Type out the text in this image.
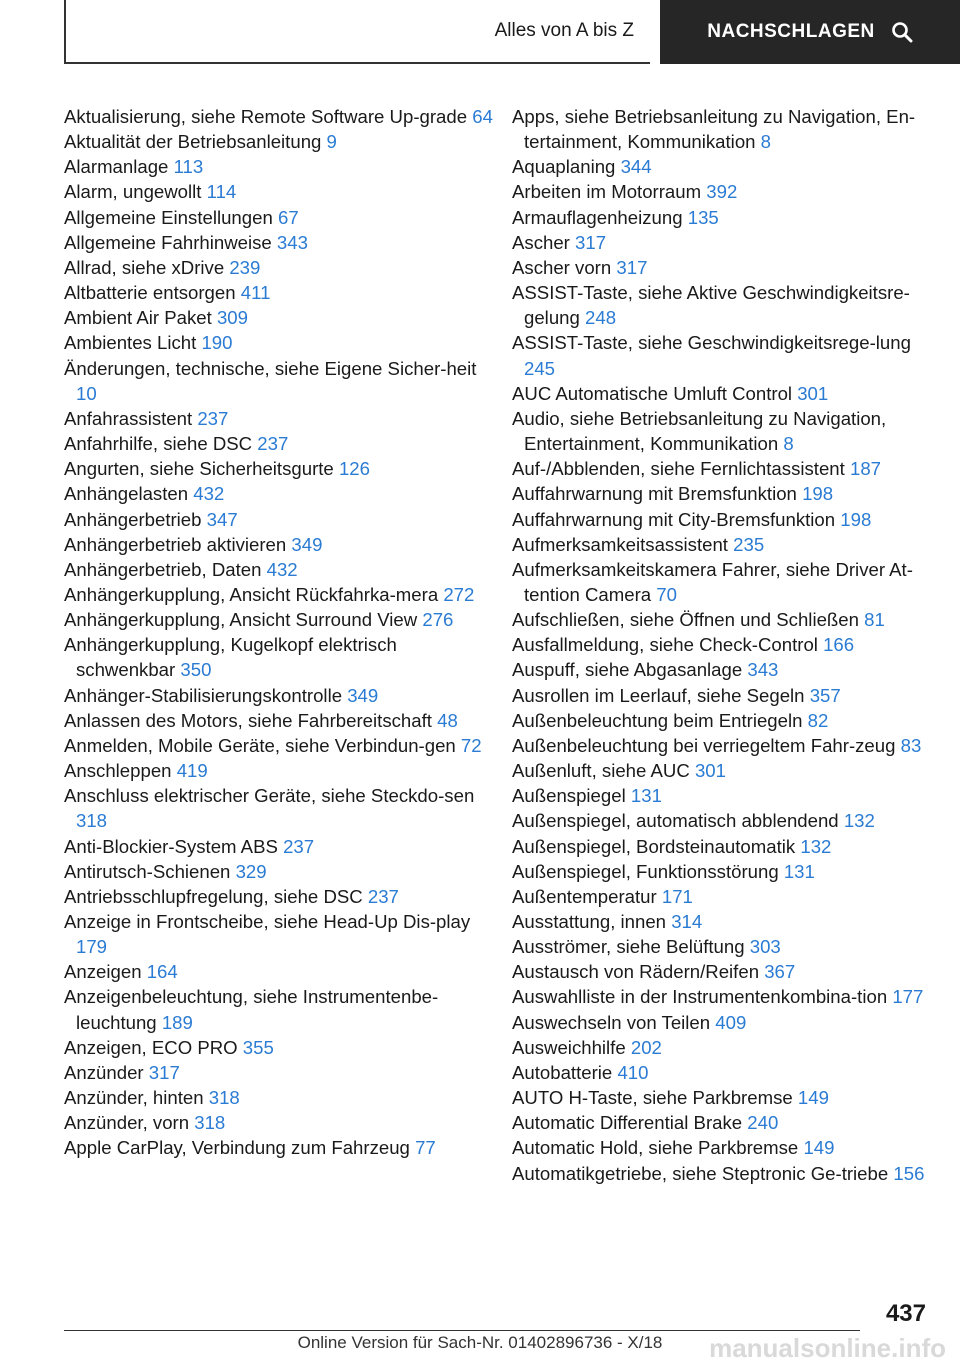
Alles von A bis Z	NACHSCHLAGEN

Aktualisierung, siehe Remote Software Up-grade 64

Aktualität der Betriebsanleitung 9

Alarmanlage 113

Alarm, ungewollt 114

Allgemeine Einstellungen 67

Allgemeine Fahrhinweise 343

Allrad, siehe xDrive 239

Altbatterie entsorgen 411

Ambient Air Paket 309

Ambientes Licht 190

Änderungen, technische, siehe Eigene Sicher-heit 10

Anfahrassistent 237

Anfahrhilfe, siehe DSC 237

Angurten, siehe Sicherheitsgurte 126

Anhängelasten 432

Anhängerbetrieb 347

Anhängerbetrieb aktivieren 349

Anhängerbetrieb, Daten 432

Anhängerkupplung, Ansicht Rückfahrka-mera 272

Anhängerkupplung, Ansicht Surround View 276

Anhängerkupplung, Kugelkopf elektrisch schwenkbar 350

Anhänger-Stabilisierungskontrolle 349

Anlassen des Motors, siehe Fahrbereitschaft 48

Anmelden, Mobile Geräte, siehe Verbindun-gen 72

Anschleppen 419

Anschluss elektrischer Geräte, siehe Steckdo-sen 318

Anti-Blockier-System ABS 237

Antirutsch-Schienen 329

Antriebsschlupfregelung, siehe DSC 237

Anzeige in Frontscheibe, siehe Head-Up Dis-play 179

Anzeigen 164

Anzeigenbeleuchtung, siehe Instrumentenbe-leuchtung 189

Anzeigen, ECO PRO 355

Anzünder 317

Anzünder, hinten 318

Anzünder, vorn 318

Apple CarPlay, Verbindung zum Fahrzeug 77

Apps, siehe Betriebsanleitung zu Navigation, En-tertainment, Kommunikation 8

Aquaplaning 344

Arbeiten im Motorraum 392

Armauflagenheizung 135

Ascher 317

Ascher vorn 317

ASSIST-Taste, siehe Aktive Geschwindigkeitsre-gelung 248

ASSIST-Taste, siehe Geschwindigkeitsrege-lung 245

AUC Automatische Umluft Control 301

Audio, siehe Betriebsanleitung zu Navigation, Entertainment, Kommunikation 8

Auf-/Abblenden, siehe Fernlichtassistent 187

Auffahrwarnung mit Bremsfunktion 198

Auffahrwarnung mit City-Bremsfunktion 198

Aufmerksamkeitsassistent 235

Aufmerksamkeitskamera Fahrer, siehe Driver At-tention Camera 70

Aufschließen, siehe Öffnen und Schließen 81

Ausfallmeldung, siehe Check-Control 166

Auspuff, siehe Abgasanlage 343

Ausrollen im Leerlauf, siehe Segeln 357

Außenbeleuchtung beim Entriegeln 82

Außenbeleuchtung bei verriegeltem Fahr-zeug 83

Außenluft, siehe AUC 301

Außenspiegel 131

Außenspiegel, automatisch abblendend 132

Außenspiegel, Bordsteinautomatik 132

Außenspiegel, Funktionsstörung 131

Außentemperatur 171

Ausstattung, innen 314

Ausströmer, siehe Belüftung 303

Austausch von Rädern/Reifen 367

Auswahlliste in der Instrumentenkombina-tion 177

Auswechseln von Teilen 409

Ausweichhilfe 202

Autobatterie 410

AUTO H-Taste, siehe Parkbremse 149

Automatic Differential Brake 240

Automatic Hold, siehe Parkbremse 149

Automatikgetriebe, siehe Steptronic Ge-triebe 156

437
Online Version für Sach-Nr. 01402896736 - X/18	manualsonline.info
